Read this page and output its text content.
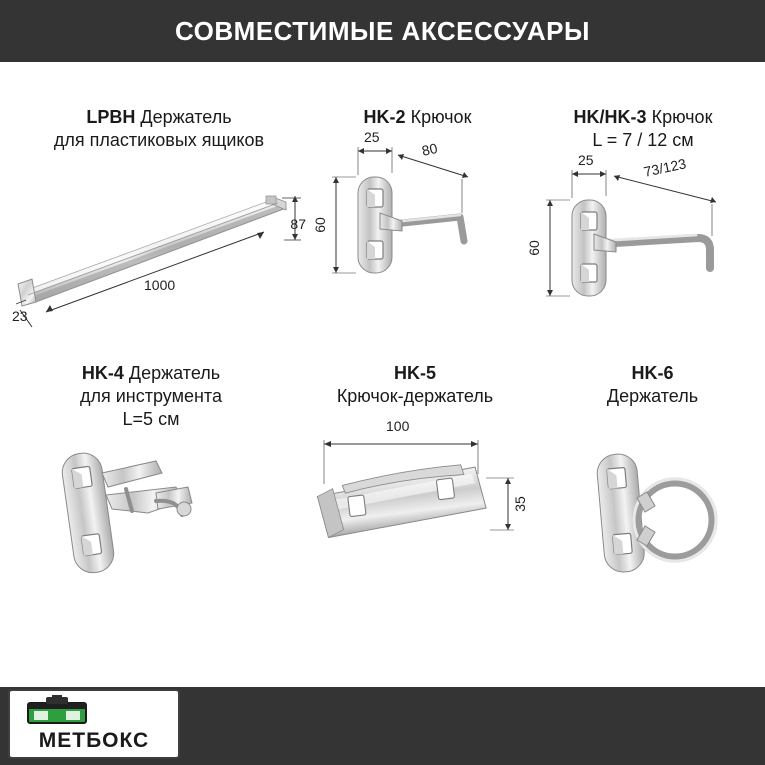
СОВМЕСТИМЫЕ АКСЕССУАРЫ
LPBH Держатель
для пластиковых ящиков
87
1000
23
HK-2 Крючок
25
80
60
HK/HK-3 Крючок
L = 7 / 12 см
25	73/123
60
HK-4 Держатель
для инструмента
L=5 см
HK-5
Крючок-держатель
100
35
HK-6
Держатель
МЕТБОКС
